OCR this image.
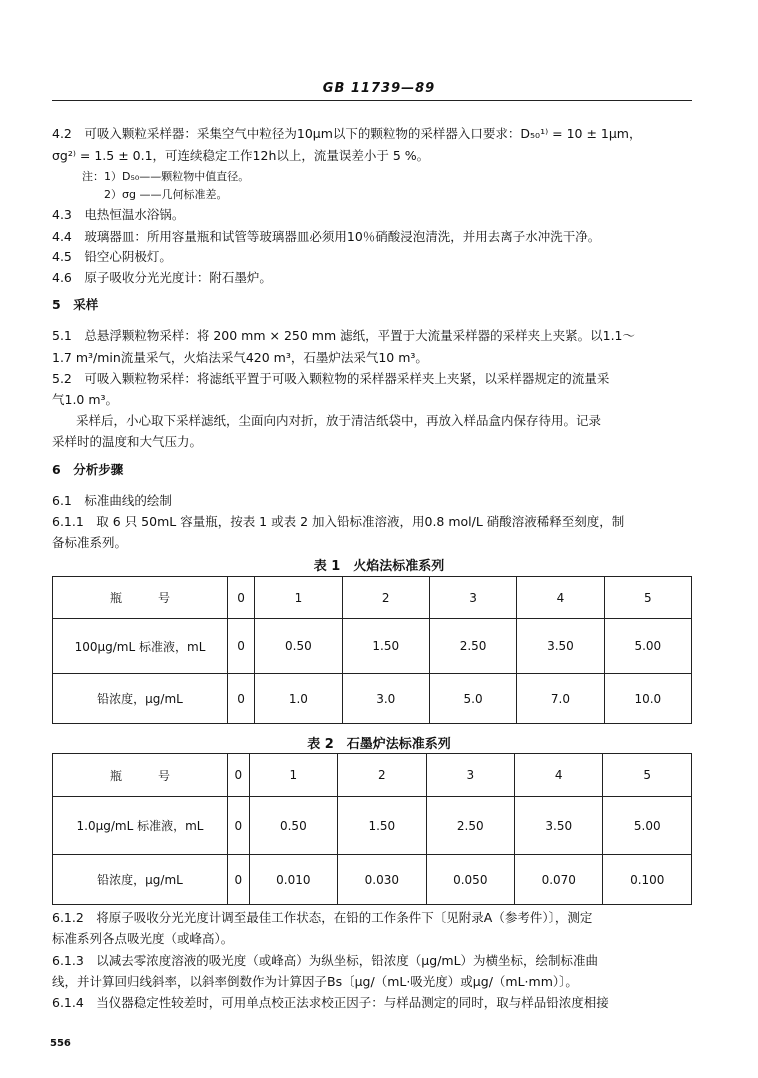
GB 11739—89
4.2　可吸入颗粒采样器：采集空气中粒径为10μm以下的颗粒物的采样器入口要求：D₅₀¹⁾ = 10 ± 1μm，
σg²⁾ = 1.5 ± 0.1，可连续稳定工作12h以上，流量误差小于 5 %。
注：1）D₅₀——颗粒物中值直径。
2）σg ——几何标准差。
4.3　电热恒温水浴锅。
4.4　玻璃器皿：所用容量瓶和试管等玻璃器皿必须用10％硝酸浸泡清洗，并用去离子水冲洗干净。
4.5　铅空心阴极灯。
4.6　原子吸收分光光度计：附石墨炉。
5　采样
5.1　总悬浮颗粒物采样：将 200 mm × 250 mm 滤纸，平置于大流量采样器的采样夹上夹紧。以1.1～
1.7 m³/min流量采气，火焰法采气420 m³，石墨炉法采气10 m³。
5.2　可吸入颗粒物采样：将滤纸平置于可吸入颗粒物的采样器采样夹上夹紧，以采样器规定的流量采
气1.0 m³。
采样后，小心取下采样滤纸，尘面向内对折，放于清洁纸袋中，再放入样品盒内保存待用。记录
采样时的温度和大气压力。
6　分析步骤
6.1　标准曲线的绘制
6.1.1　取 6 只 50mL 容量瓶，按表 1 或表 2 加入铅标准溶液，用0.8 mol/L 硝酸溶液稀释至刻度，制
备标准系列。
表 1　火焰法标准系列
瓶　　　号	0	1	2	3	4	5
100μg/mL 标准液，mL	0	0.50	1.50	2.50	3.50	5.00
铅浓度，μg/mL	0	1.0	3.0	5.0	7.0	10.0
表 2　石墨炉法标准系列
瓶　　　号	0	1	2	3	4	5
1.0μg/mL 标准液，mL	0	0.50	1.50	2.50	3.50	5.00
铅浓度，μg/mL	0	0.010	0.030	0.050	0.070	0.100
6.1.2　将原子吸收分光光度计调至最佳工作状态，在铅的工作条件下〔见附录A（参考件）〕，测定
标准系列各点吸光度（或峰高）。
6.1.3　以减去零浓度溶液的吸光度（或峰高）为纵坐标，铅浓度（μg/mL）为横坐标，绘制标准曲
线，并计算回归线斜率，以斜率倒数作为计算因子Bs〔μg/（mL·吸光度）或μg/（mL·mm）〕。
6.1.4　当仪器稳定性较差时，可用单点校正法求校正因子：与样品测定的同时，取与样品铅浓度相接
556
